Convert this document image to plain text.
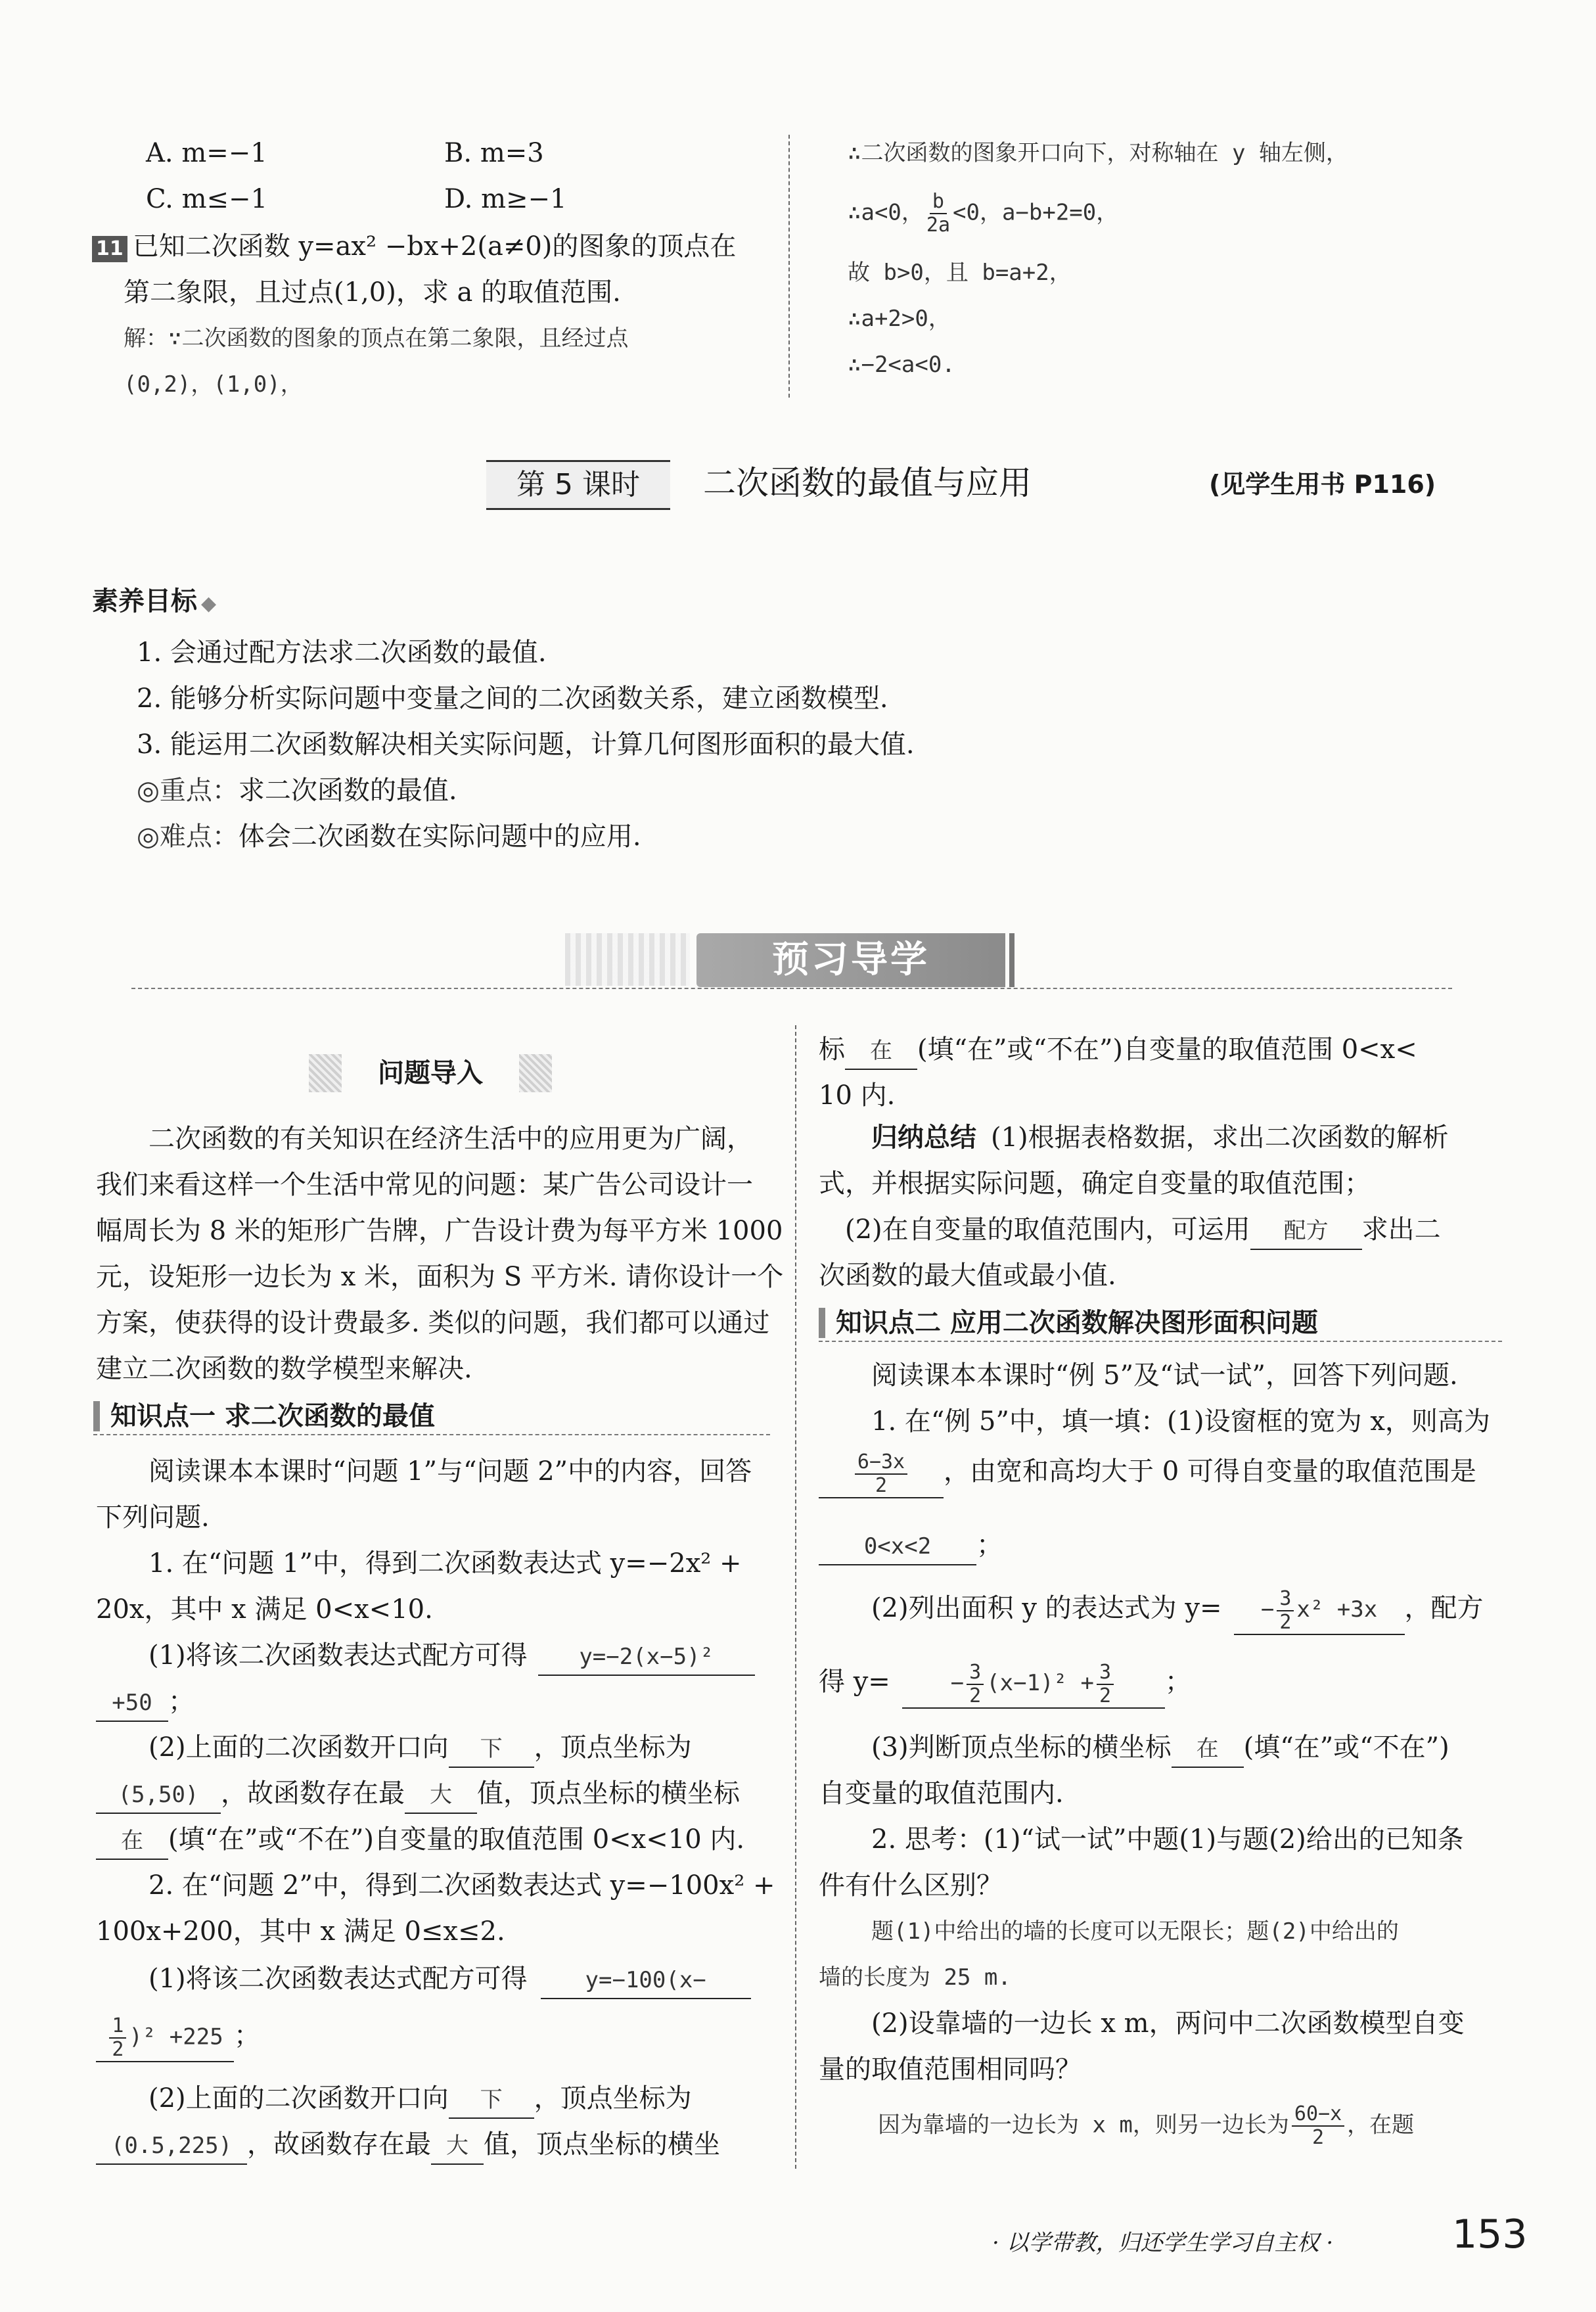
A. m=−1	B. m=3
C. m≤−1	D. m≥−1
11 已知二次函数 y=ax² −bx+2(a≠0)的图象的顶点在
第二象限，且过点(1,0)，求 a 的取值范围.
解：∵二次函数的图象的顶点在第二象限，且经过点
(0,2)，(1,0)，
∴二次函数的图象开口向下，对称轴在 y 轴左侧，
∴a<0， $\frac{b}{2a} <0$，a−b+2=0，
故 b>0，且 b=a+2，
∴a+2>0，
∴−2<a<0.
第 5 课时	二次函数的最值与应用	(见学生用书 P116)
素养目标 ◆
1. 会通过配方法求二次函数的最值.
2. 能够分析实际问题中变量之间的二次函数关系，建立函数模型.
3. 能运用二次函数解决相关实际问题，计算几何图形面积的最大值.
◎重点：求二次函数的最值.
◎难点：体会二次函数在实际问题中的应用.
预习导学
问题导入
二次函数的有关知识在经济生活中的应用更为广阔，
我们来看这样一个生活中常见的问题：某广告公司设计一
幅周长为 8 米的矩形广告牌，广告设计费为每平方米 1000
元，设矩形一边长为 x 米，面积为 S 平方米. 请你设计一个
方案，使获得的设计费最多. 类似的问题，我们都可以通过
建立二次函数的数学模型来解决.
知识点一 求二次函数的最值
阅读课本本课时“问题 1”与“问题 2”中的内容，回答
下列问题.
1. 在“问题 1”中，得到二次函数表达式 y=−2x² +
20x，其中 x 满足 0<x<10.
(1)将该二次函数表达式配方可得 y=−2(x−5)²
+50 ；
(2)上面的二次函数开口向 下 ，顶点坐标为
(5,50) ，故函数存在最 大 值，顶点坐标的横坐标
在 (填“在”或“不在”)自变量的取值范围 0<x<10 内.
2. 在“问题 2”中，得到二次函数表达式 y=−100x² +
100x+200，其中 x 满足 0≤x≤2.
(1)将该二次函数表达式配方可得	y=−100(x−
$\frac{1}{2} )^2 +225$ ；
(2)上面的二次函数开口向 下 ，顶点坐标为
(0.5,225) ，故函数存在最 大 值，顶点坐标的横坐
标 在 (填“在”或“不在”)自变量的取值范围 0<x<
10 内.
归纳总结 (1)根据表格数据，求出二次函数的解析
式，并根据实际问题，确定自变量的取值范围；
(2)在自变量的取值范围内，可运用 配方 求出二
次函数的最大值或最小值.
知识点二 应用二次函数解决图形面积问题
阅读课本本课时“例 5”及“试一试”，回答下列问题.
1. 在“例 5”中，填一填：(1)设窗框的宽为 x，则高为
$\frac{6-3x}{2}$ ，由宽和高均大于 0 可得自变量的取值范围是
0<x<2 ；
(2)列出面积 y 的表达式为 $y= - \frac{3}{2} x^2 +3x$ ，配方
得 y=	− $\frac{3}{2} (x-1)^2 + \frac{3}{2}$ ；
(3)判断顶点坐标的横坐标 在 (填“在”或“不在”)
自变量的取值范围内.
2. 思考：(1)“试一试”中题(1)与题(2)给出的已知条
件有什么区别？
题(1)中给出的墙的长度可以无限长；题(2)中给出的
墙的长度为 25 m.
(2)设靠墙的一边长 x m，两问中二次函数模型自变
量的取值范围相同吗？
因为靠墙的一边长为 x m，则另一边长为 $\frac{60-x}{2}$ ，在题
· 以学带教，归还学生学习自主权 ·	153
